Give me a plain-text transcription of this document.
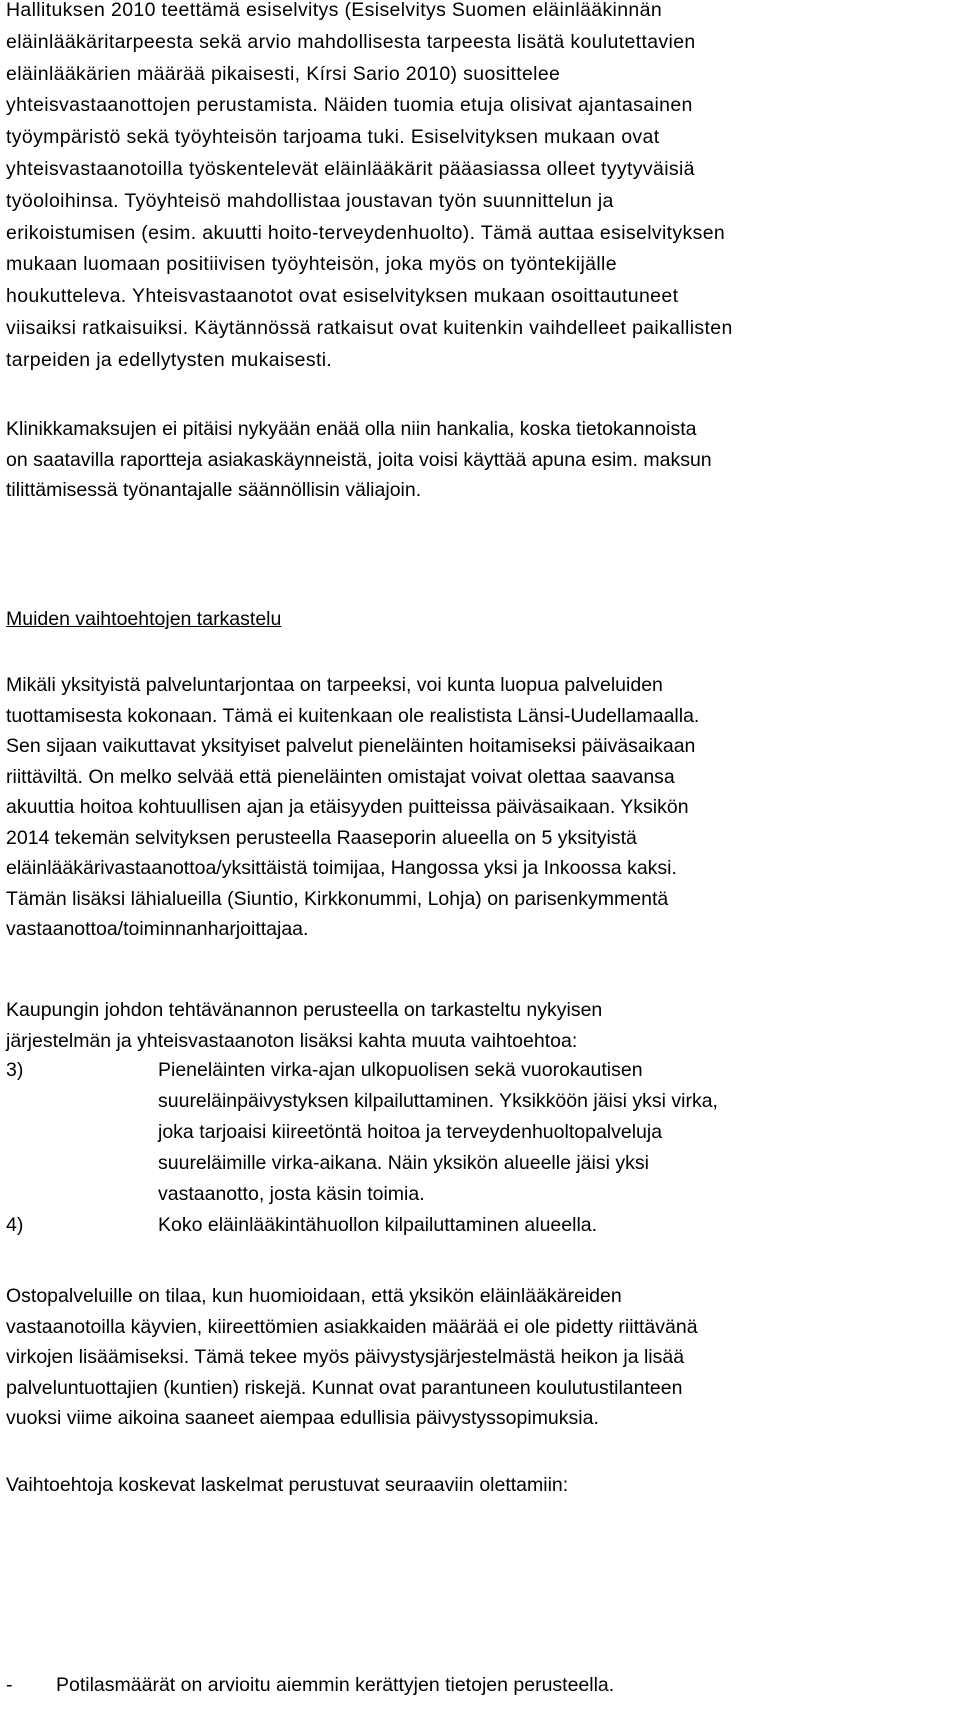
Hallituksen 2010 teettämä esiselvitys (Esiselvitys Suomen eläinlääkinnän
eläinlääkäritarpeesta sekä arvio mahdollisesta tarpeesta lisätä koulutettavien
eläinlääkärien määrää pikaisesti, Kírsi Sario 2010) suosittelee
yhteisvastaanottojen perustamista. Näiden tuomia etuja olisivat ajantasainen
työympäristö sekä työyhteisön tarjoama tuki. Esiselvityksen mukaan ovat
yhteisvastaanotoilla työskentelevät eläinlääkärit pääasiassa olleet tyytyväisiä
työoloihinsa. Työyhteisö mahdollistaa joustavan työn suunnittelun ja
erikoistumisen (esim. akuutti hoito-terveydenhuolto). Tämä auttaa esiselvityksen
mukaan luomaan positiivisen työyhteisön, joka myös on työntekijälle
houkutteleva. Yhteisvastaanotot ovat esiselvityksen mukaan osoittautuneet
viisaiksi ratkaisuiksi. Käytännössä ratkaisut ovat kuitenkin vaihdelleet paikallisten
tarpeiden ja edellytysten mukaisesti.
Klinikkamaksujen ei pitäisi nykyään enää olla niin hankalia, koska tietokannoista
on saatavilla raportteja asiakaskäynneistä, joita voisi käyttää apuna esim. maksun
tilittämisessä työnantajalle säännöllisin väliajoin.
Muiden vaihtoehtojen tarkastelu
Mikäli yksityistä palveluntarjontaa on tarpeeksi, voi kunta luopua palveluiden
tuottamisesta kokonaan. Tämä ei kuitenkaan ole realistista Länsi-Uudellamaalla.
Sen sijaan vaikuttavat yksityiset palvelut pieneläinten hoitamiseksi päiväsaikaan
riittäviltä. On melko selvää että pieneläinten omistajat voivat olettaa saavansa
akuuttia hoitoa kohtuullisen ajan ja etäisyyden puitteissa päiväsaikaan. Yksikön
2014 tekemän selvityksen perusteella Raaseporin alueella on 5 yksityistä
eläinlääkärivastaanottoa/yksittäistä toimijaa, Hangossa yksi ja Inkoossa kaksi.
Tämän lisäksi lähialueilla (Siuntio, Kirkkonummi, Lohja) on parisenkymmentä
vastaanottoa/toiminnanharjoittajaa.
Kaupungin johdon tehtävänannon perusteella on tarkasteltu nykyisen
järjestelmän ja yhteisvastaanoton lisäksi kahta muuta vaihtoehtoa:
3)	Pieneläinten virka-ajan ulkopuolisen sekä vuorokautisen
suureläinpäivystyksen kilpailuttaminen. Yksikköön jäisi yksi virka,
joka tarjoaisi kiireetöntä hoitoa ja terveydenhuoltopalveluja
suureläimille virka-aikana. Näin yksikön alueelle jäisi yksi
vastaanotto, josta käsin toimia.
4)	Koko eläinlääkintähuollon kilpailuttaminen alueella.
Ostopalveluille on tilaa, kun huomioidaan, että yksikön eläinlääkäreiden
vastaanotoilla käyvien, kiireettömien asiakkaiden määrää ei ole pidetty riittävänä
virkojen lisäämiseksi. Tämä tekee myös päivystysjärjestelmästä heikon ja lisää
palveluntuottajien (kuntien) riskejä. Kunnat ovat parantuneen koulutustilanteen
vuoksi viime aikoina saaneet aiempaa edullisia päivystyssopimuksia.
Vaihtoehtoja koskevat laskelmat perustuvat seuraaviin olettamiin:
- Potilasmäärät on arvioitu aiemmin kerättyjen tietojen perusteella.
